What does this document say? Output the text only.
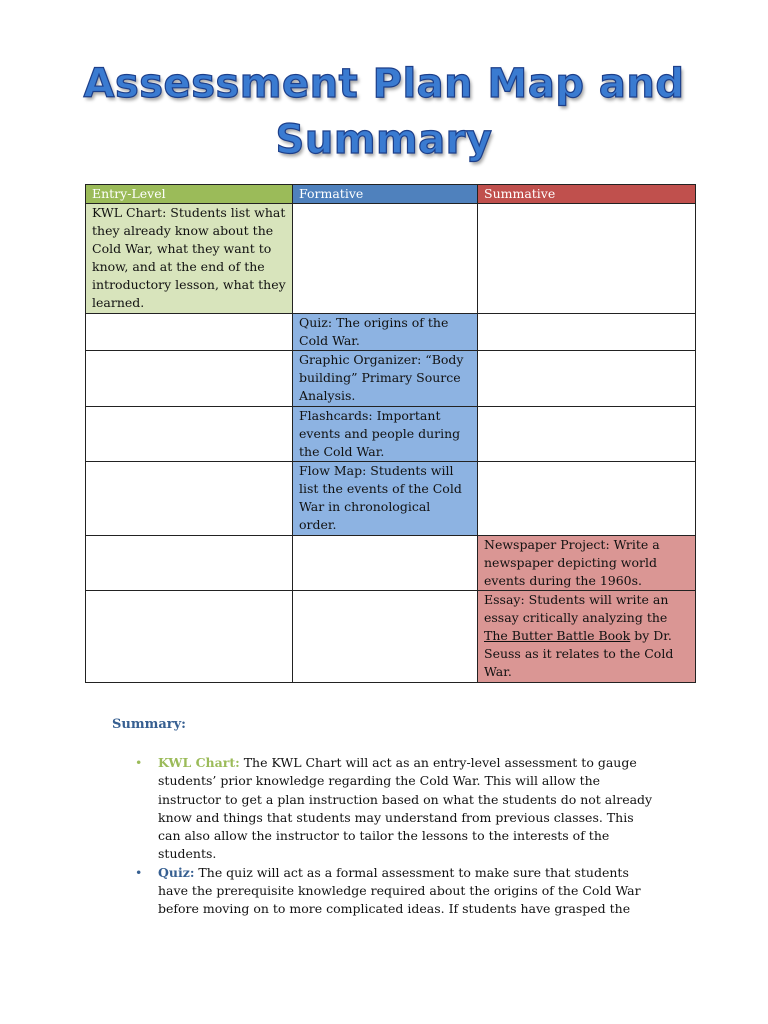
Assessment Plan Map and
Summary
Entry-Level	Formative	Summative
KWL Chart: Students list what they already know about the Cold War, what they want to know, and at the end of the introductory lesson, what they learned.		
	Quiz: The origins of the Cold War.	
	Graphic Organizer: “Body building” Primary Source Analysis.	
	Flashcards: Important events and people during the Cold War.	
	Flow Map: Students will list the events of the Cold War in chronological order.	
		Newspaper Project: Write a newspaper depicting world events during the 1960s.
		Essay: Students will write an essay critically analyzing the The Butter Battle Book by Dr. Seuss as it relates to the Cold War.
Summary:
• KWL Chart: The KWL Chart will act as an entry-level assessment to gauge students’ prior knowledge regarding the Cold War. This will allow the instructor to get a plan instruction based on what the students do not already know and things that students may understand from previous classes. This can also allow the instructor to tailor the lessons to the interests of the students.
• Quiz: The quiz will act as a formal assessment to make sure that students have the prerequisite knowledge required about the origins of the Cold War before moving on to more complicated ideas. If students have grasped the
